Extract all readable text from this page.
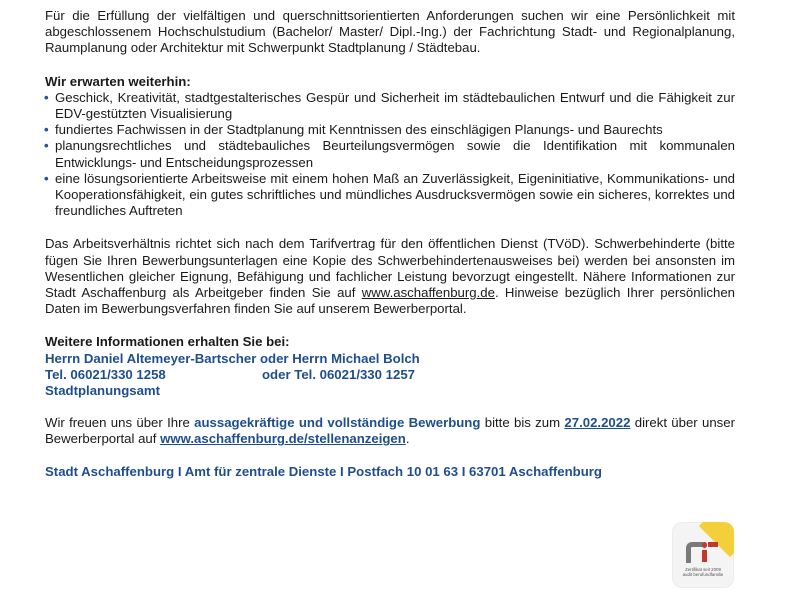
Für die Erfüllung der vielfältigen und querschnittsorientierten Anforderungen suchen wir eine Persönlichkeit mit abgeschlossenem Hochschulstudium (Bachelor/ Master/ Dipl.-Ing.) der Fachrichtung Stadt- und Regionalplanung, Raumplanung oder Architektur mit Schwerpunkt Stadtplanung / Städtebau.

Wir erwarten weiterhin:

• Geschick, Kreativität, stadtgestalterisches Gespür und Sicherheit im städtebaulichen Entwurf und die Fähigkeit zur EDV-gestützten Visualisierung
• fundiertes Fachwissen in der Stadtplanung mit Kenntnissen des einschlägigen Planungs- und Baurechts
• planungsrechtliches und städtebauliches Beurteilungsvermögen sowie die Identifikation mit kommunalen Entwicklungs- und Entscheidungsprozessen
• eine lösungsorientierte Arbeitsweise mit einem hohen Maß an Zuverlässigkeit, Eigeninitiative, Kommunikations- und Kooperationsfähigkeit, ein gutes schriftliches und mündliches Ausdrucksvermögen sowie ein sicheres, korrektes und freundliches Auftreten

Das Arbeitsverhältnis richtet sich nach dem Tarifvertrag für den öffentlichen Dienst (TVöD). Schwerbehinderte (bitte fügen Sie Ihren Bewerbungsunterlagen eine Kopie des Schwerbehindertenausweises bei) werden bei ansonsten im Wesentlichen gleicher Eignung, Befähigung und fachlicher Leistung bevorzugt eingestellt. Nähere Informationen zur Stadt Aschaffenburg als Arbeitgeber finden Sie auf www.aschaffenburg.de. Hinweise bezüglich Ihrer persönlichen Daten im Bewerbungsverfahren finden Sie auf unserem Bewerberportal.

Weitere Informationen erhalten Sie bei:

Herrn Daniel Altemeyer-Bartscher oder Herrn Michael Bolch

Tel. 06021/330 1258	oder Tel. 06021/330 1257

Stadtplanungsamt

Wir freuen uns über Ihre aussagekräftige und vollständige Bewerbung bitte bis zum 27.02.2022 direkt über unser Bewerberportal auf www.aschaffenburg.de/stellenanzeigen.

Stadt Aschaffenburg I Amt für zentrale Dienste I Postfach 10 01 63 I 63701 Aschaffenburg

Zertifikat seit 2009
audit berufundfamilie
